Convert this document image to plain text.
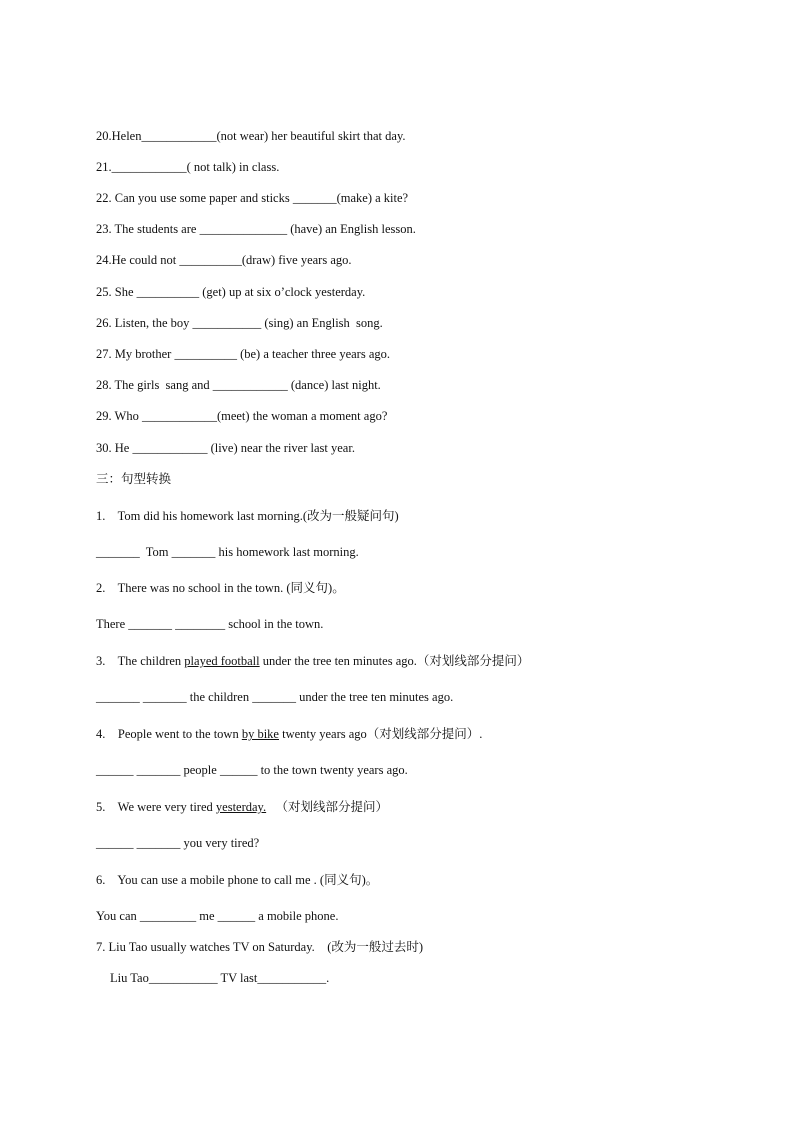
20.Helen____________(not wear) her beautiful skirt that day.
21.____________( not talk) in class.
22. Can you use some paper and sticks _______(make) a kite?
23. The students are ______________ (have) an English lesson.
24.He could not __________(draw) five years ago.
25. She __________ (get) up at six o’clock yesterday.
26. Listen, the boy ___________ (sing) an English  song.
27. My brother __________ (be) a teacher three years ago.
28. The girls  sang and ____________ (dance) last night.
29. Who ____________(meet) the woman a moment ago?
30. He ____________ (live) near the river last year.
三：句型转换
1.    Tom did his homework last morning.(改为一般疑问句)
_______  Tom _______ his homework last morning.
2.    There was no school in the town. (同义句)。
There _______ ________ school in the town.
3.    The children played football under the tree ten minutes ago.（对划线部分提问）
_______ _______ the children _______ under the tree ten minutes ago.
4.    People went to the town by bike twenty years ago（对划线部分提问）.
______ _______ people ______ to the town twenty years ago.
5.    We were very tired yesterday.   （对划线部分提问）
______ _______ you very tired?
6.    You can use a mobile phone to call me . (同义句)。
You can _________ me ______ a mobile phone.
7. Liu Tao usually watches TV on Saturday.    (改为一般过去时)
Liu Tao___________ TV last___________.
